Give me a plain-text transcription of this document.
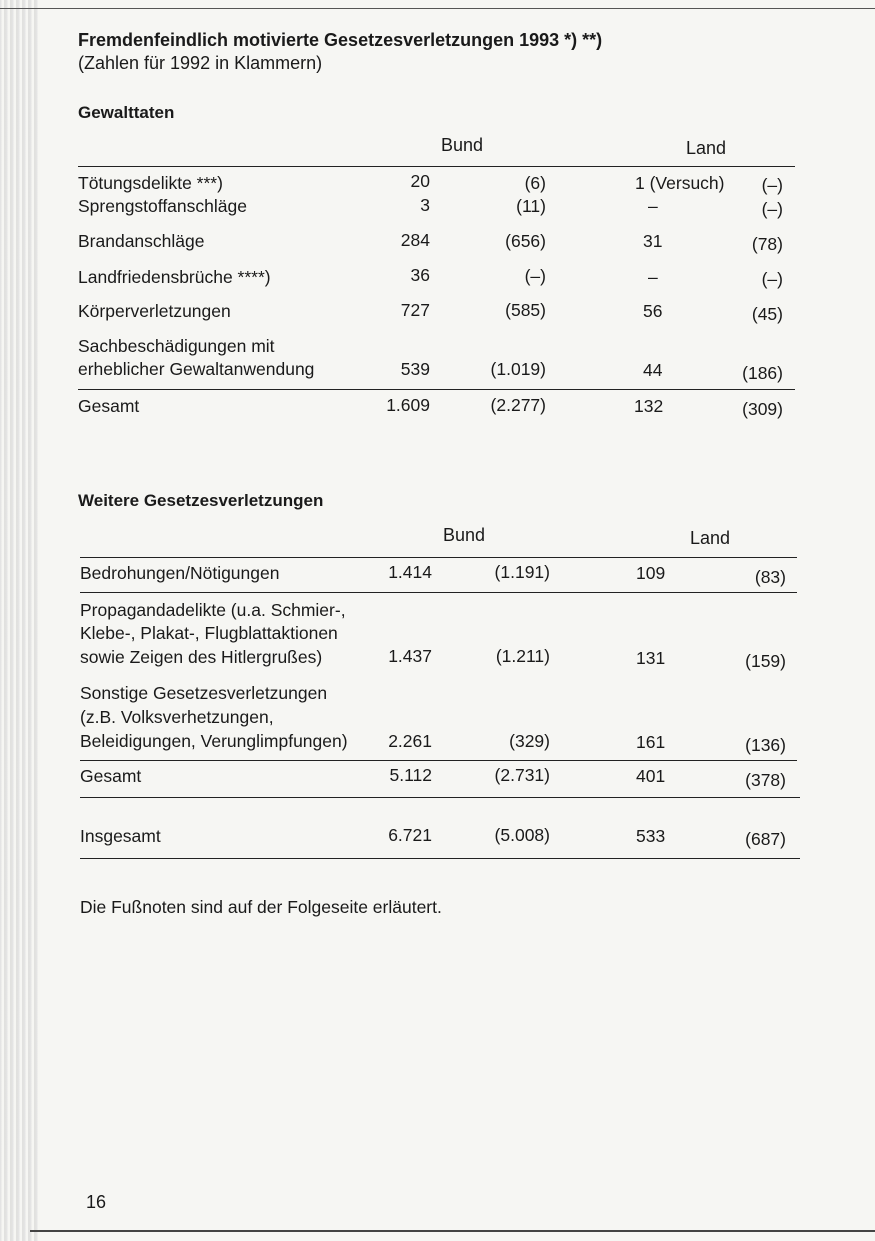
Fremdenfeindlich motivierte Gesetzesverletzungen 1993 *) **)
(Zahlen für 1992 in Klammern)
Gewalttaten
Bund	Land
Tötungsdelikte ***)	20	(6)	1 (Versuch)	(–)
Sprengstoffanschläge	3	(11)	–	(–)
Brandanschläge	284	(656)	31	(78)
Landfriedensbrüche ****)	36	(–)	–	(–)
Körperverletzungen	727	(585)	56	(45)
Sachbeschädigungen mit
erheblicher Gewaltanwendung	539	(1.019)	44	(186)
Gesamt	1.609	(2.277)	132	(309)
Weitere Gesetzesverletzungen
Bund	Land
Bedrohungen/Nötigungen	1.414	(1.191)	109	(83)
Propagandadelikte (u.a. Schmier-,
Klebe-, Plakat-, Flugblattaktionen
sowie Zeigen des Hitlergrußes)	1.437	(1.211)	131	(159)
Sonstige Gesetzesverletzungen
(z.B. Volksverhetzungen,
Beleidigungen, Verunglimpfungen)	2.261	(329)	161	(136)
Gesamt	5.112	(2.731)	401	(378)
Insgesamt	6.721	(5.008)	533	(687)
Die Fußnoten sind auf der Folgeseite erläutert.
16
